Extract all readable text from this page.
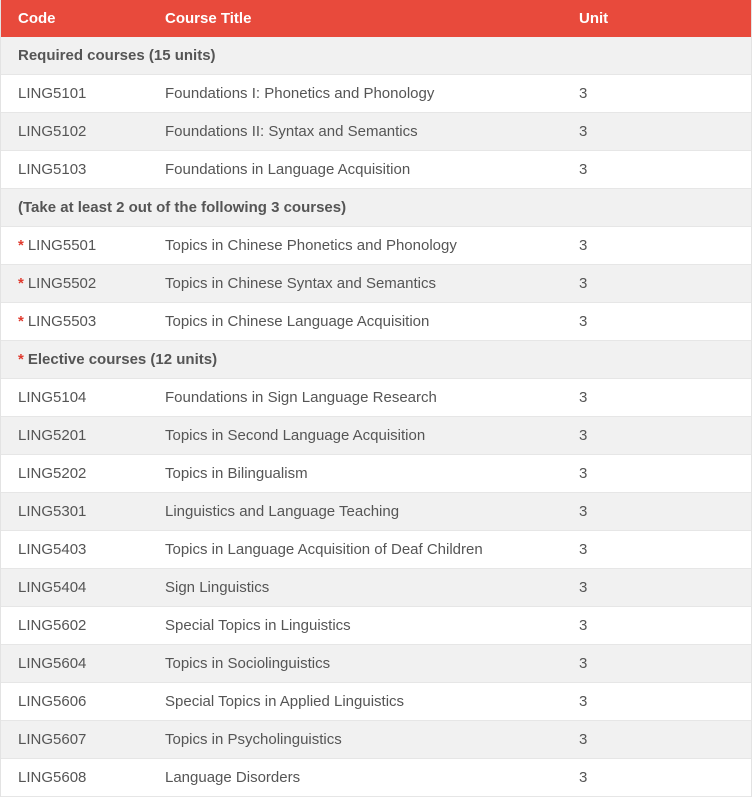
Code	Course Title	Unit
Required courses (15 units)
LING5101	Foundations I: Phonetics and Phonology	3
LING5102	Foundations II: Syntax and Semantics	3
LING5103	Foundations in Language Acquisition	3
(Take at least 2 out of the following 3 courses)
* LING5501	Topics in Chinese Phonetics and Phonology	3
* LING5502	Topics in Chinese Syntax and Semantics	3
* LING5503	Topics in Chinese Language Acquisition	3
* Elective courses (12 units)
LING5104	Foundations in Sign Language Research	3
LING5201	Topics in Second Language Acquisition	3
LING5202	Topics in Bilingualism	3
LING5301	Linguistics and Language Teaching	3
LING5403	Topics in Language Acquisition of Deaf Children	3
LING5404	Sign Linguistics	3
LING5602	Special Topics in Linguistics	3
LING5604	Topics in Sociolinguistics	3
LING5606	Special Topics in Applied Linguistics	3
LING5607	Topics in Psycholinguistics	3
LING5608	Language Disorders	3
